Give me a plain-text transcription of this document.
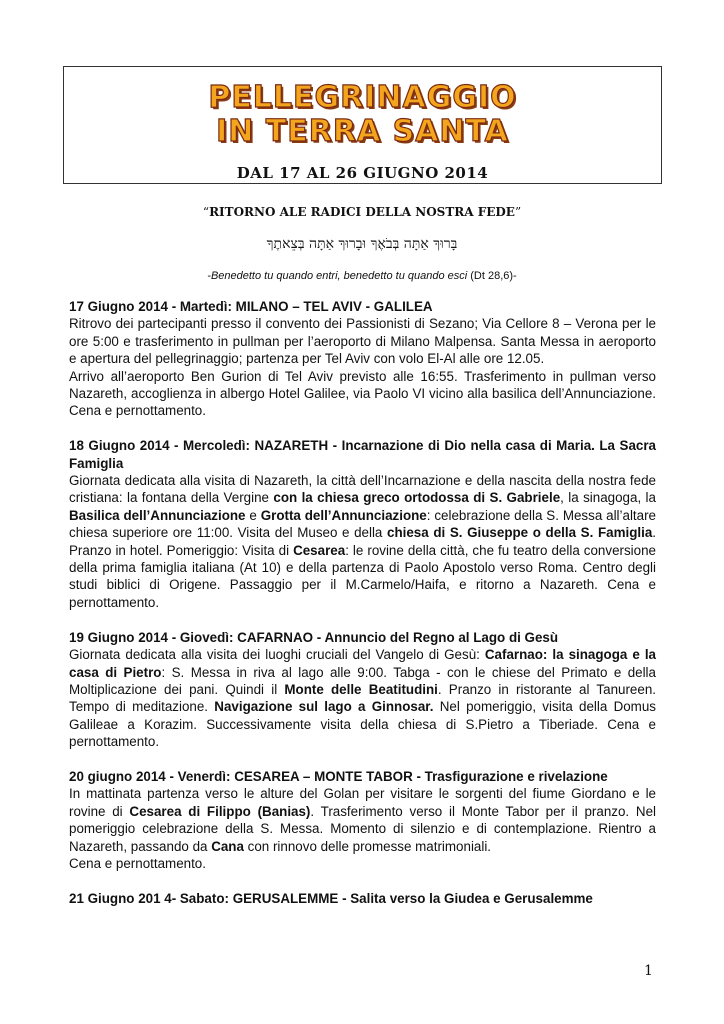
PELLEGRINAGGIO
IN TERRA SANTA
DAL 17 AL 26 GIUGNO 2014
“RITORNO ALE RADICI DELLA NOSTRA FEDE”
בָּרוּךְ אַתָּה בְּבֹאֶךָ וּבָרוּךְ אַתָּה בְּצֵאתֶךָ
-Benedetto tu quando entri, benedetto tu quando esci (Dt 28,6)-
17 Giugno 2014 - Martedì: MILANO – TEL AVIV - GALILEA

Ritrovo dei partecipanti presso il convento dei Passionisti di Sezano; Via Cellore 8 – Verona per le ore 5:00 e trasferimento in pullman per l’aeroporto di Milano Malpensa. Santa Messa in aeroporto e apertura del pellegrinaggio; partenza per Tel Aviv con volo El-Al alle ore 12.05.

Arrivo all’aeroporto Ben Gurion di Tel Aviv previsto alle 16:55. Trasferimento in pullman verso Nazareth, accoglienza in albergo Hotel Galilee, via Paolo VI vicino alla basilica dell’Annunciazione. Cena e pernottamento.

18 Giugno 2014 - Mercoledì: NAZARETH - Incarnazione di Dio nella casa di Maria. La Sacra Famiglia

Giornata dedicata alla visita di Nazareth, la città dell’Incarnazione e della nascita della nostra fede cristiana: la fontana della Vergine con la chiesa greco ortodossa di S. Gabriele, la sinagoga, la Basilica dell’Annunciazione e Grotta dell’Annunciazione: celebrazione della S. Messa all’altare chiesa superiore ore 11:00. Visita del Museo e della chiesa di S. Giuseppe o della S. Famiglia. Pranzo in hotel. Pomeriggio: Visita di Cesarea: le rovine della città, che fu teatro della conversione della prima famiglia italiana (At 10) e della partenza di Paolo Apostolo verso Roma. Centro degli studi biblici di Origene. Passaggio per il M.Carmelo/Haifa, e ritorno a Nazareth. Cena e pernottamento.

19 Giugno 2014 - Giovedì: CAFARNAO - Annuncio del Regno al Lago di Gesù

Giornata dedicata alla visita dei luoghi cruciali del Vangelo di Gesù: Cafarnao: la sinagoga e la casa di Pietro: S. Messa in riva al lago alle 9:00. Tabga - con le chiese del Primato e della Moltiplicazione dei pani. Quindi il Monte delle Beatitudini. Pranzo in ristorante al Tanureen. Tempo di meditazione. Navigazione sul lago a Ginnosar. Nel pomeriggio, visita della Domus Galileae a Korazim. Successivamente visita della chiesa di S.Pietro a Tiberiade. Cena e pernottamento.

20 giugno 2014 - Venerdì: CESAREA – MONTE TABOR - Trasfigurazione e rivelazione

In mattinata partenza verso le alture del Golan per visitare le sorgenti del fiume Giordano e le rovine di Cesarea di Filippo (Banias). Trasferimento verso il Monte Tabor per il pranzo. Nel pomeriggio celebrazione della S. Messa. Momento di silenzio e di contemplazione. Rientro a Nazareth, passando da Cana con rinnovo delle promesse matrimoniali.

Cena e pernottamento.

21 Giugno 201 4- Sabato: GERUSALEMME - Salita verso la Giudea e Gerusalemme
1
